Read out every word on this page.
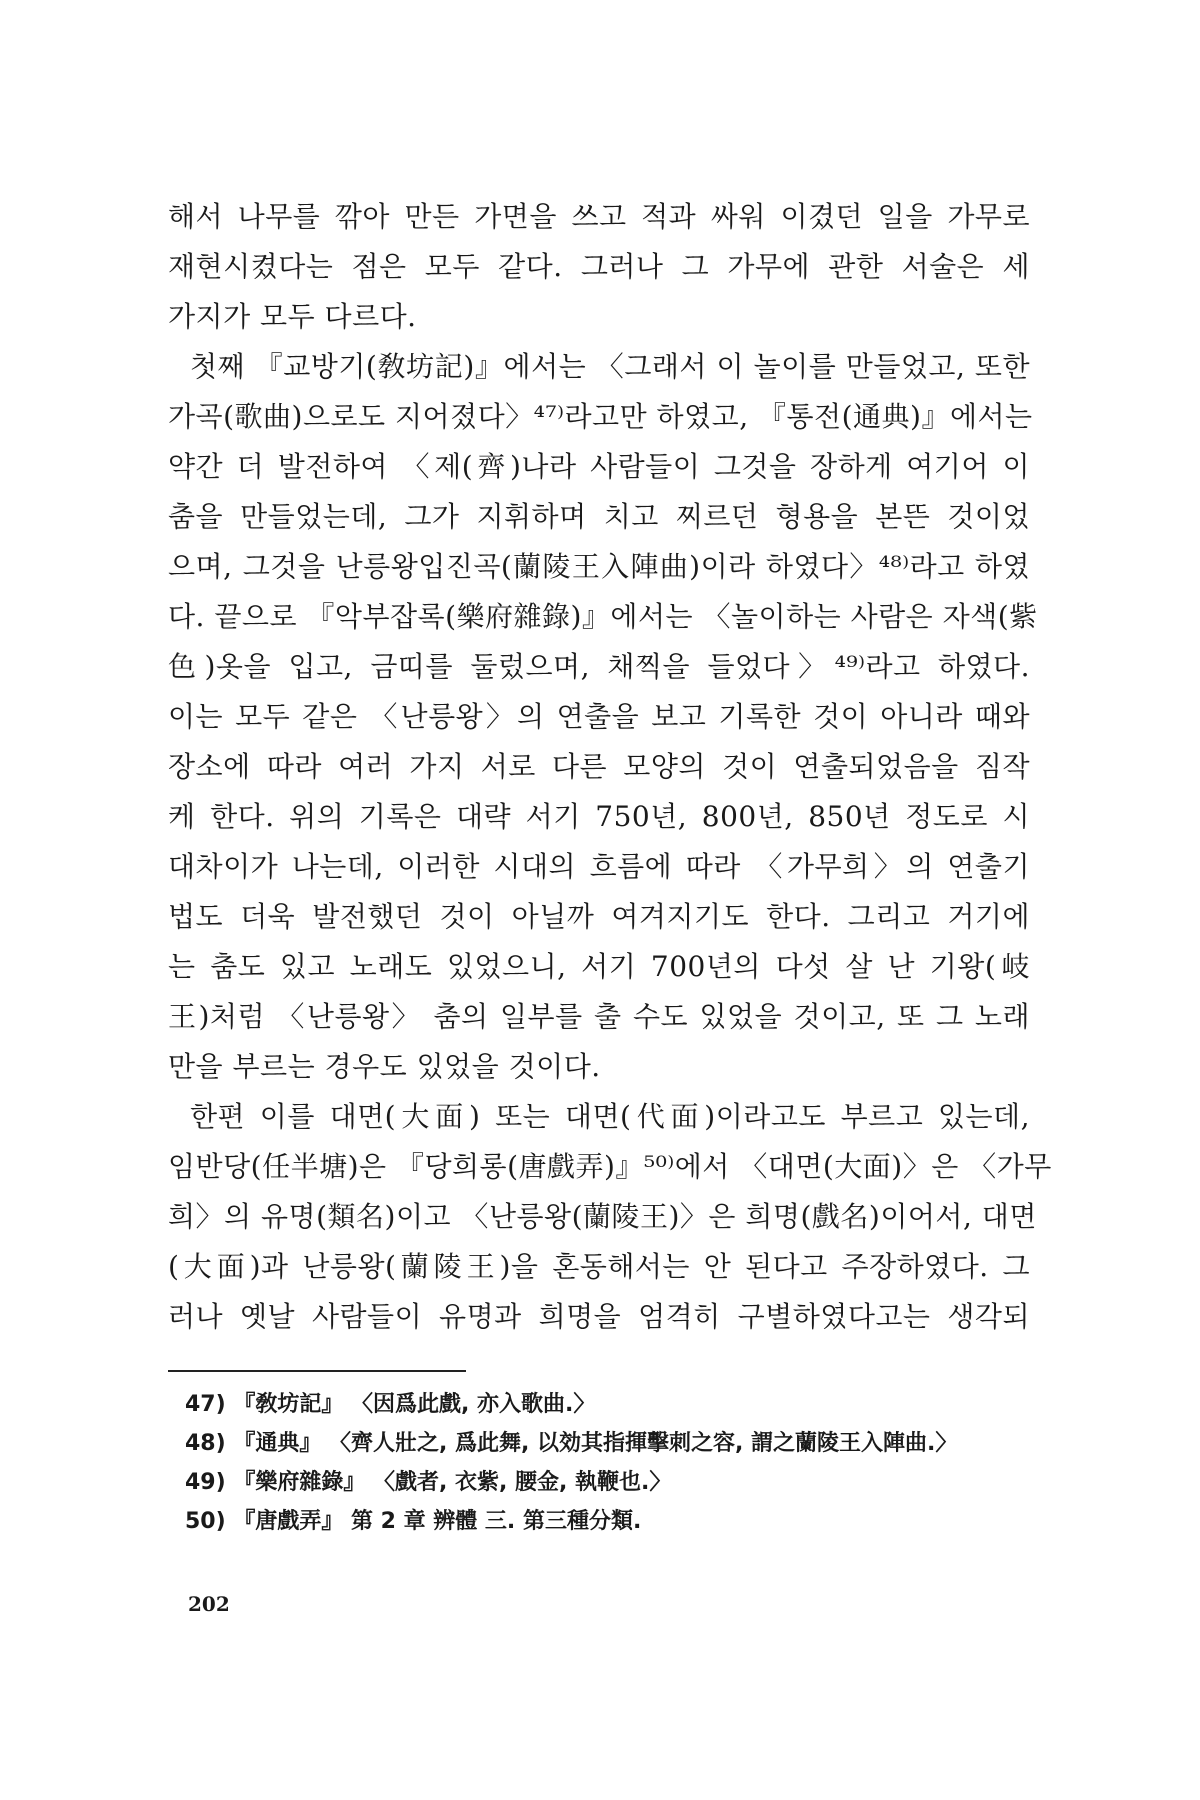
해서 나무를 깎아 만든 가면을 쓰고 적과 싸워 이겼던 일을 가무로
재현시켰다는 점은 모두 같다. 그러나 그 가무에 관한 서술은 세
가지가 모두 다르다.
첫째 『교방기(敎坊記)』에서는 〈그래서 이 놀이를 만들었고, 또한
가곡(歌曲)으로도 지어졌다〉⁴⁷⁾라고만 하였고, 『통전(通典)』에서는
약간 더 발전하여 〈제(齊)나라 사람들이 그것을 장하게 여기어 이
춤을 만들었는데, 그가 지휘하며 치고 찌르던 형용을 본뜬 것이었
으며, 그것을 난릉왕입진곡(蘭陵王入陣曲)이라 하였다〉⁴⁸⁾라고 하였
다. 끝으로 『악부잡록(樂府雜錄)』에서는 〈놀이하는 사람은 자색(紫
色)옷을 입고, 금띠를 둘렀으며, 채찍을 들었다〉⁴⁹⁾라고 하였다.
이는 모두 같은 〈난릉왕〉의 연출을 보고 기록한 것이 아니라 때와
장소에 따라 여러 가지 서로 다른 모양의 것이 연출되었음을 짐작
케 한다. 위의 기록은 대략 서기 750년, 800년, 850년 정도로 시
대차이가 나는데, 이러한 시대의 흐름에 따라 〈가무희〉의 연출기
법도 더욱 발전했던 것이 아닐까 여겨지기도 한다. 그리고 거기에
는 춤도 있고 노래도 있었으니, 서기 700년의 다섯 살 난 기왕(岐
王)처럼 〈난릉왕〉 춤의 일부를 출 수도 있었을 것이고, 또 그 노래
만을 부르는 경우도 있었을 것이다.
한편 이를 대면(大面) 또는 대면(代面)이라고도 부르고 있는데,
임반당(任半塘)은 『당희롱(唐戲弄)』⁵⁰⁾에서 〈대면(大面)〉은 〈가무
희〉의 유명(類名)이고 〈난릉왕(蘭陵王)〉은 희명(戲名)이어서, 대면
(大面)과 난릉왕(蘭陵王)을 혼동해서는 안 된다고 주장하였다. 그
러나 옛날 사람들이 유명과 희명을 엄격히 구별하였다고는 생각되
47) 『敎坊記』 〈因爲此戲, 亦入歌曲.〉
48) 『通典』 〈齊人壯之, 爲此舞, 以効其指揮擊刺之容, 謂之蘭陵王入陣曲.〉
49) 『樂府雜錄』 〈戲者, 衣紫, 腰金, 執鞭也.〉
50) 『唐戲弄』 第 2 章 辨體 三. 第三種分類.
202
